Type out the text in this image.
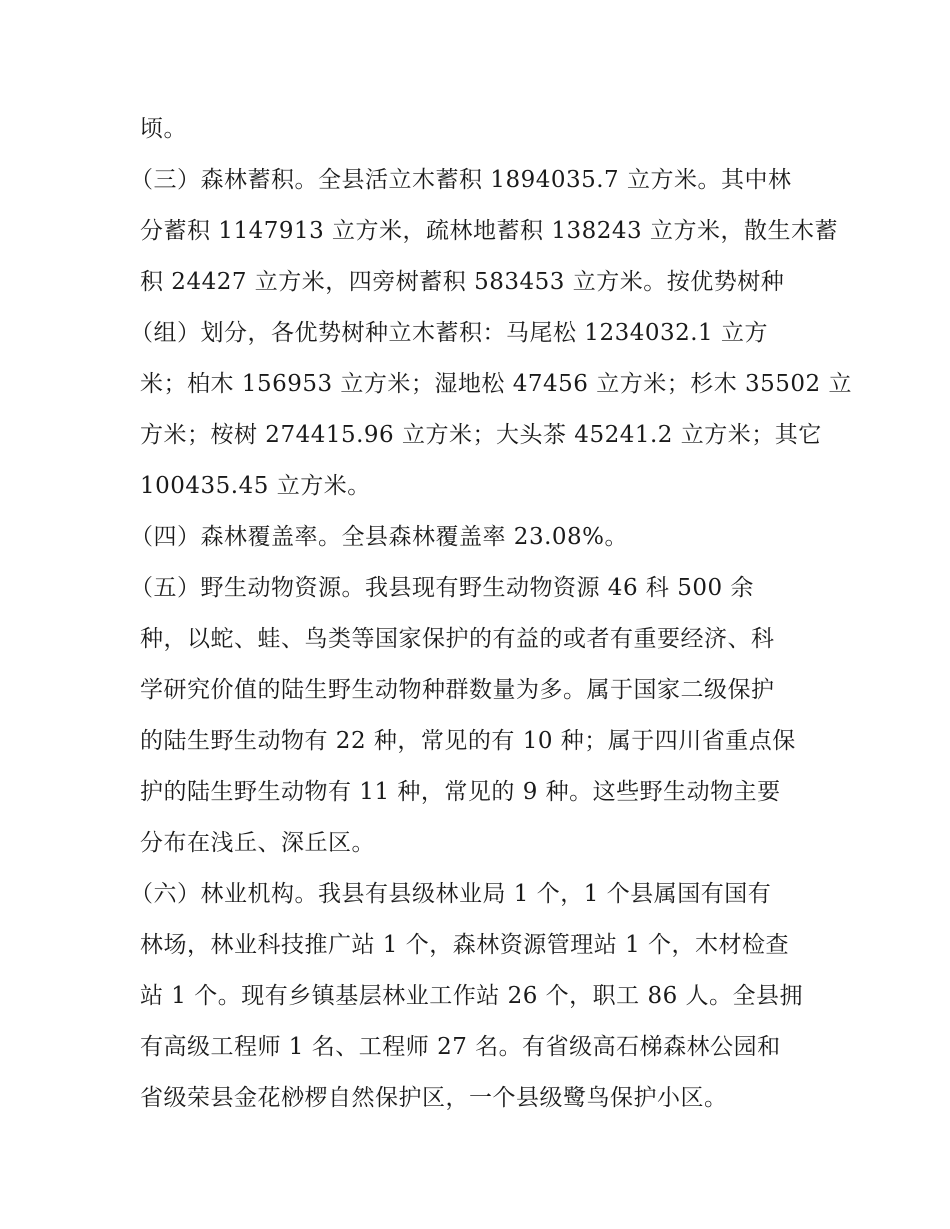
顷。
（三）森林蓄积。全县活立木蓄积 1894035.7 立方米。其中林
分蓄积 1147913 立方米，疏林地蓄积 138243 立方米，散生木蓄
积 24427 立方米，四旁树蓄积 583453 立方米。按优势树种
（组）划分，各优势树种立木蓄积：马尾松 1234032.1 立方
米；柏木 156953 立方米；湿地松 47456 立方米；杉木 35502 立
方米；桉树 274415.96 立方米；大头茶 45241.2 立方米；其它
100435.45 立方米。
（四）森林覆盖率。全县森林覆盖率 23.08%。
（五）野生动物资源。我县现有野生动物资源 46 科 500 余
种，以蛇、蛙、鸟类等国家保护的有益的或者有重要经济、科
学研究价值的陆生野生动物种群数量为多。属于国家二级保护
的陆生野生动物有 22 种，常见的有 10 种；属于四川省重点保
护的陆生野生动物有 11 种，常见的 9 种。这些野生动物主要
分布在浅丘、深丘区。
（六）林业机构。我县有县级林业局 1 个，1 个县属国有国有
林场，林业科技推广站 1 个，森林资源管理站 1 个，木材检查
站 1 个。现有乡镇基层林业工作站 26 个，职工 86 人。全县拥
有高级工程师 1 名、工程师 27 名。有省级高石梯森林公园和
省级荣县金花桫椤自然保护区，一个县级鹭鸟保护小区。
